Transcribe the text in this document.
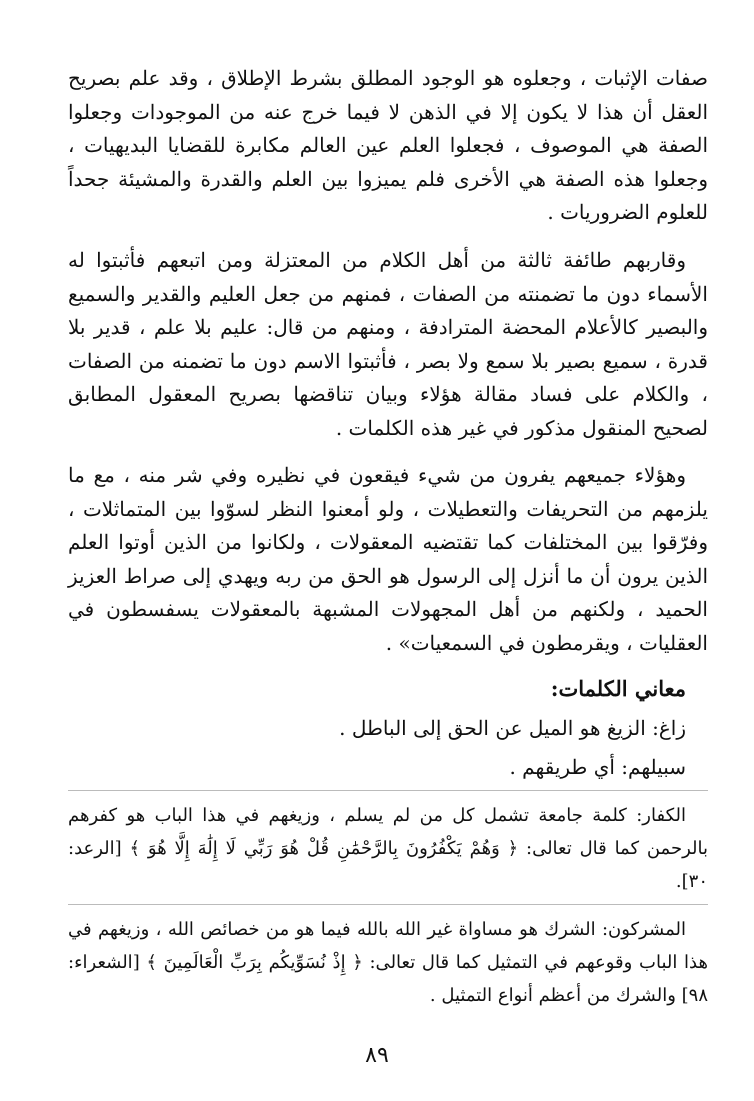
صفات الإثبات ، وجعلوه هو الوجود المطلق بشرط الإطلاق ، وقد علم بصريح العقل أن هذا لا يكون إلا في الذهن لا فيما خرج عنه من الموجودات وجعلوا الصفة هي الموصوف ، فجعلوا العلم عين العالم مكابرة للقضايا البديهيات ، وجعلوا هذه الصفة هي الأخرى فلم يميزوا بين العلم والقدرة والمشيئة جحداً للعلوم الضروريات .

وقاربهم طائفة ثالثة من أهل الكلام من المعتزلة ومن اتبعهم فأثبتوا له الأسماء دون ما تضمنته من الصفات ، فمنهم من جعل العليم والقدير والسميع والبصير كالأعلام المحضة المترادفة ، ومنهم من قال: عليم بلا علم ، قدير بلا قدرة ، سميع بصير بلا سمع ولا بصر ، فأثبتوا الاسم دون ما تضمنه من الصفات ، والكلام على فساد مقالة هؤلاء وبيان تناقضها بصريح المعقول المطابق لصحيح المنقول مذكور في غير هذه الكلمات .

وهؤلاء جميعهم يفرون من شيء فيقعون في نظيره وفي شر منه ، مع ما يلزمهم من التحريفات والتعطيلات ، ولو أمعنوا النظر لسوّوا بين المتماثلات ، وفرّقوا بين المختلفات كما تقتضيه المعقولات ، ولكانوا من الذين أوتوا العلم الذين يرون أن ما أنزل إلى الرسول هو الحق من ربه ويهدي إلى صراط العزيز الحميد ، ولكنهم من أهل المجهولات المشبهة بالمعقولات يسفسطون في العقليات ، ويقرمطون في السمعيات» .

معاني الكلمات:
زاغ: الزيغ هو الميل عن الحق إلى الباطل .
سبيلهم: أي طريقهم .
الكفار: كلمة جامعة تشمل كل من لم يسلم ، وزيغهم في هذا الباب هو كفرهم بالرحمن كما قال تعالى: ﴿ وَهُمْ يَكْفُرُونَ بِالرَّحْمَٰنِ قُلْ هُوَ رَبِّي لَا إِلَٰهَ إِلَّا هُوَ ﴾ [الرعد: ٣٠].
المشركون: الشرك هو مساواة غير الله بالله فيما هو من خصائص الله ، وزيغهم في هذا الباب وقوعهم في التمثيل كما قال تعالى: ﴿ إِذْ نُسَوِّيكُم بِرَبِّ الْعَالَمِينَ ﴾ [الشعراء: ٩٨] والشرك من أعظم أنواع التمثيل .
٨٩
